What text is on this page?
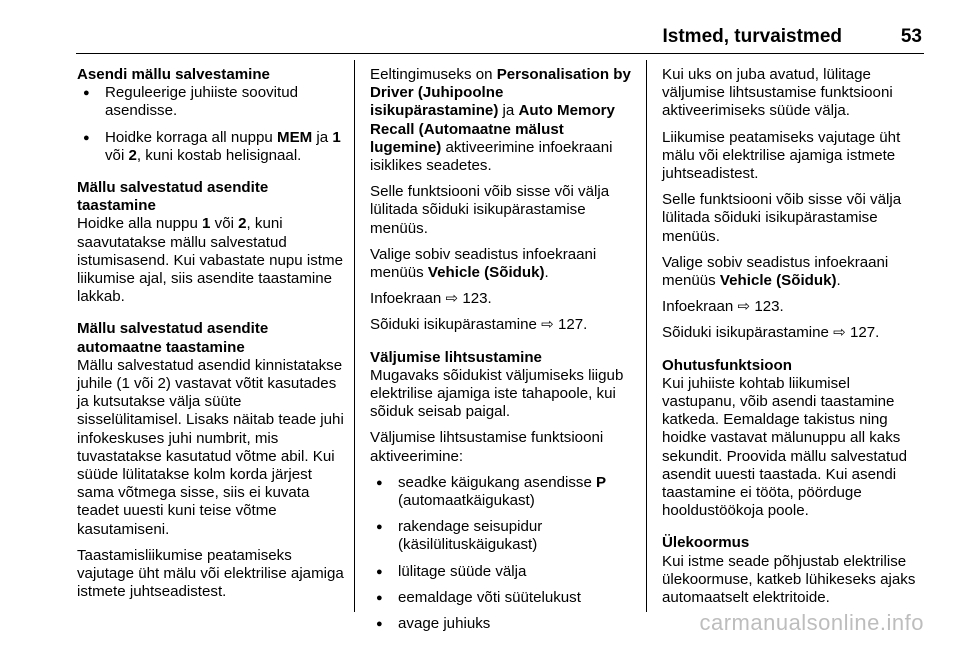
Istmed, turvaistmed	53

Asendi mällu salvestamine

● Reguleerige juhiiste soovitud asendisse.
● Hoidke korraga all nuppu MEM ja 1 või 2, kuni kostab helisignaal.

Mällu salvestatud asendite taastamine

Hoidke alla nuppu 1 või 2, kuni saavutatakse mällu salvestatud istumisasend. Kui vabastate nupu istme liikumise ajal, siis asendite taastamine lakkab.

Mällu salvestatud asendite automaatne taastamine

Mällu salvestatud asendid kinnistatakse juhile (1 või 2) vastavat võtit kasutades ja kutsutakse välja süüte sisselülitamisel. Lisaks näitab teade juhi infokeskuses juhi numbrit, mis tuvastatakse kasutatud võtme abil. Kui süüde lülitatakse kolm korda järjest sama võtmega sisse, siis ei kuvata teadet uuesti kuni teise võtme kasutamiseni.

Taastamisliikumise peatamiseks vajutage üht mälu või elektrilise ajamiga istmete juhtseadistest.

Eeltingimuseks on Personalisation by Driver (Juhipoolne isikupärastamine) ja Auto Memory Recall (Automaatne mälust lugemine) aktiveerimine infoekraani isiklikes seadetes.

Selle funktsiooni võib sisse või välja lülitada sõiduki isikupärastamise menüüs.

Valige sobiv seadistus infoekraani menüüs Vehicle (Sõiduk).

Infoekraan ⇨ 123.

Sõiduki isikupärastamine ⇨ 127.

Väljumise lihtsustamine

Mugavaks sõidukist väljumiseks liigub elektrilise ajamiga iste tahapoole, kui sõiduk seisab paigal.

Väljumise lihtsustamise funktsiooni aktiveerimine:

● seadke käigukang asendisse P (automaatkäigukast)
● rakendage seisupidur (käsilülituskäigukast)
● lülitage süüde välja
● eemaldage võti süütelukust
● avage juhiuks

Kui uks on juba avatud, lülitage väljumise lihtsustamise funktsiooni aktiveerimiseks süüde välja.

Liikumise peatamiseks vajutage üht mälu või elektrilise ajamiga istmete juhtseadistest.

Selle funktsiooni võib sisse või välja lülitada sõiduki isikupärastamise menüüs.

Valige sobiv seadistus infoekraani menüüs Vehicle (Sõiduk).

Infoekraan ⇨ 123.

Sõiduki isikupärastamine ⇨ 127.

Ohutusfunktsioon

Kui juhiiste kohtab liikumisel vastupanu, võib asendi taastamine katkeda. Eemaldage takistus ning hoidke vastavat mälunuppu all kaks sekundit. Proovida mällu salvestatud asendit uuesti taastada. Kui asendi taastamine ei tööta, pöörduge hooldustöökoja poole.

Ülekoormus

Kui istme seade põhjustab elektrilise ülekoormuse, katkeb lühikeseks ajaks automaatselt elektritoide.

carmanualsonline.info
